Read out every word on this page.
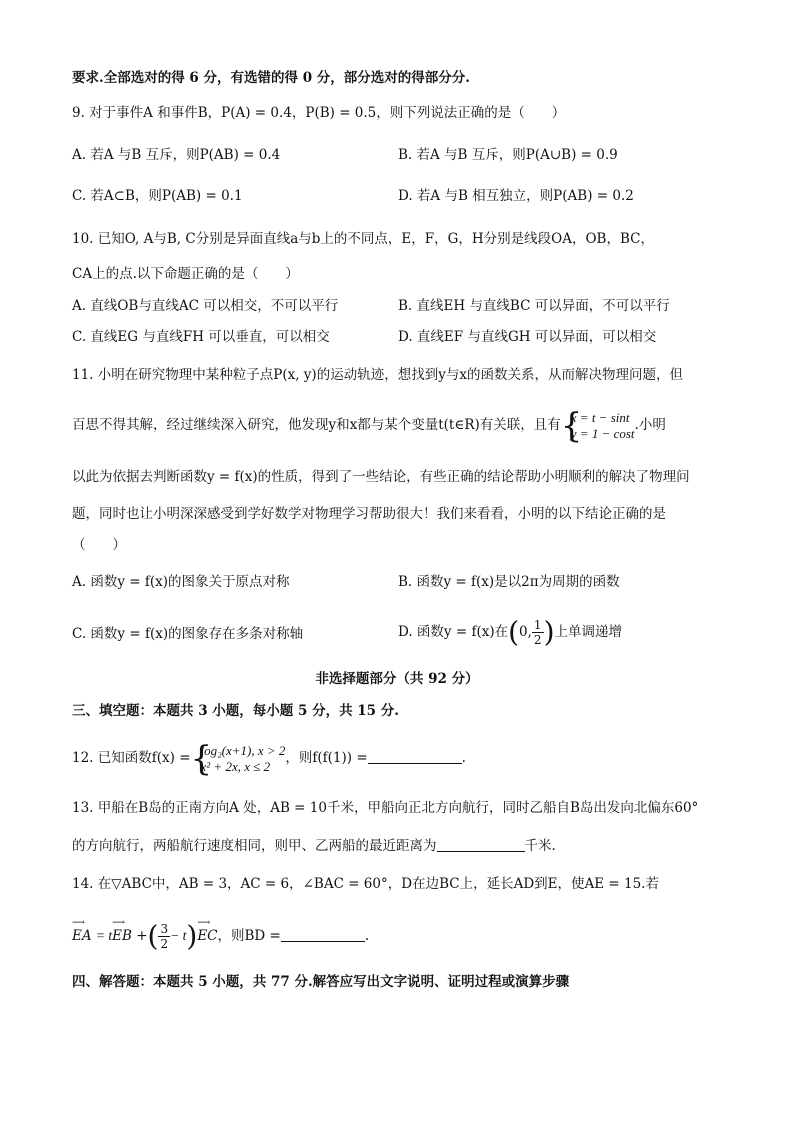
要求.全部选对的得 6 分，有选错的得 0 分，部分选对的得部分分.
9. 对于事件A 和事件B，P(A) = 0.4，P(B) = 0.5，则下列说法正确的是（　　）
A. 若A 与B 互斥，则P(AB) = 0.4	B. 若A 与B 互斥，则P(A∪B) = 0.9
C. 若A⊂B，则P(AB) = 0.1	D. 若A 与B 相互独立，则P(AB) = 0.2
10. 已知O, A与B, C分别是异面直线a与b上的不同点，E，F，G，H分别是线段OA，OB，BC，
CA上的点.以下命题正确的是（　　）
A. 直线OB与直线AC 可以相交，不可以平行	B. 直线EH 与直线BC 可以异面，不可以平行
C. 直线EG 与直线FH 可以垂直，可以相交	D. 直线EF 与直线GH 可以异面，可以相交
11. 小明在研究物理中某种粒子点P(x, y)的运动轨迹，想找到y与x的函数关系，从而解决物理问题，但
百思不得其解，经过继续深入研究，他发现y和x都与某个变量t(t∈R)有关联，且有 {
x = t − sint
y = 1 − cost .小明
以此为依据去判断函数y = f(x)的性质，得到了一些结论，有些正确的结论帮助小明顺利的解决了物理问
题，同时也让小明深深感受到学好数学对物理学习帮助很大！我们来看看，小明的以下结论正确的是
（　　）
A. 函数y = f(x)的图象关于原点对称	B. 函数y = f(x)是以2π为周期的函数
C. 函数y = f(x)的图象存在多条对称轴	D. 函数y = f(x)在(0, $\frac{1}{2}$ )上单调递增
非选择题部分（共 92 分）
三、填空题：本题共 3 小题，每小题 5 分，共 15 分.
12. 已知函数f(x) = {
log₂(x+1), x > 2
x² + 2x, x ≤ 2	，则f(f(1)) =	.
13. 甲船在B岛的正南方向A 处，AB = 10千米，甲船向正北方向航行，同时乙船自B岛出发向北偏东60°
的方向航行，两船航行速度相同，则甲、乙两船的最近距离为	千米.
14. 在▽ABC中，AB = 3，AC = 6，∠BAC = 60°，D在边BC上，延长AD到E，使AE = 15.若
⟶
EA = t
⟶
EB +( $\frac{3}{2} - t$) ⟶
EC，则BD =	.
四、解答题：本题共 5 小题，共 77 分.解答应写出文字说明、证明过程或演算步骤
